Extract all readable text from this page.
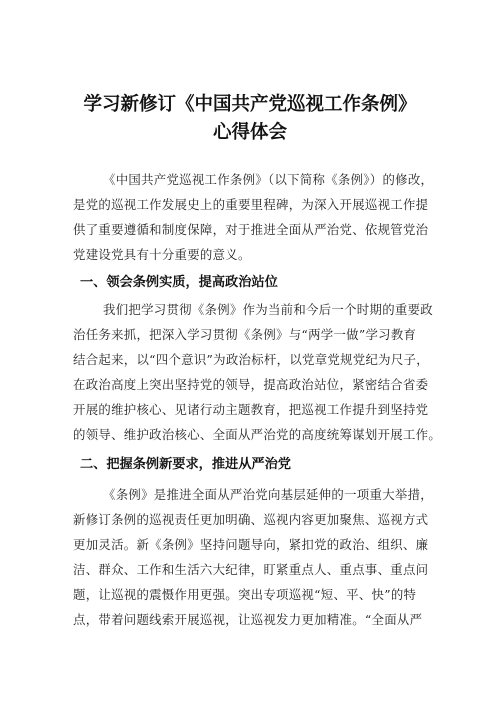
学习新修订《中国共产党巡视工作条例》
心得体会
《中国共产党巡视工作条例》（以下简称《条例》）的修改，
是党的巡视工作发展史上的重要里程碑，为深入开展巡视工作提
供了重要遵循和制度保障，对于推进全面从严治党、依规管党治
党建设党具有十分重要的意义。
一、领会条例实质，提高政治站位
我们把学习贯彻《条例》作为当前和今后一个时期的重要政
治任务来抓，把深入学习贯彻《条例》与“两学一做”学习教育
结合起来，以“四个意识”为政治标杆，以党章党规党纪为尺子，
在政治高度上突出坚持党的领导，提高政治站位，紧密结合省委
开展的维护核心、见诸行动主题教育，把巡视工作提升到坚持党
的领导、维护政治核心、全面从严治党的高度统筹谋划开展工作。
二、把握条例新要求，推进从严治党
《条例》是推进全面从严治党向基层延伸的一项重大举措，
新修订条例的巡视责任更加明确、巡视内容更加聚焦、巡视方式
更加灵活。新《条例》坚持问题导向，紧扣党的政治、组织、廉
洁、群众、工作和生活六大纪律，盯紧重点人、重点事、重点问
题，让巡视的震慑作用更强。突出专项巡视“短、平、快”的特
点，带着问题线索开展巡视，让巡视发力更加精准。“全面从严
